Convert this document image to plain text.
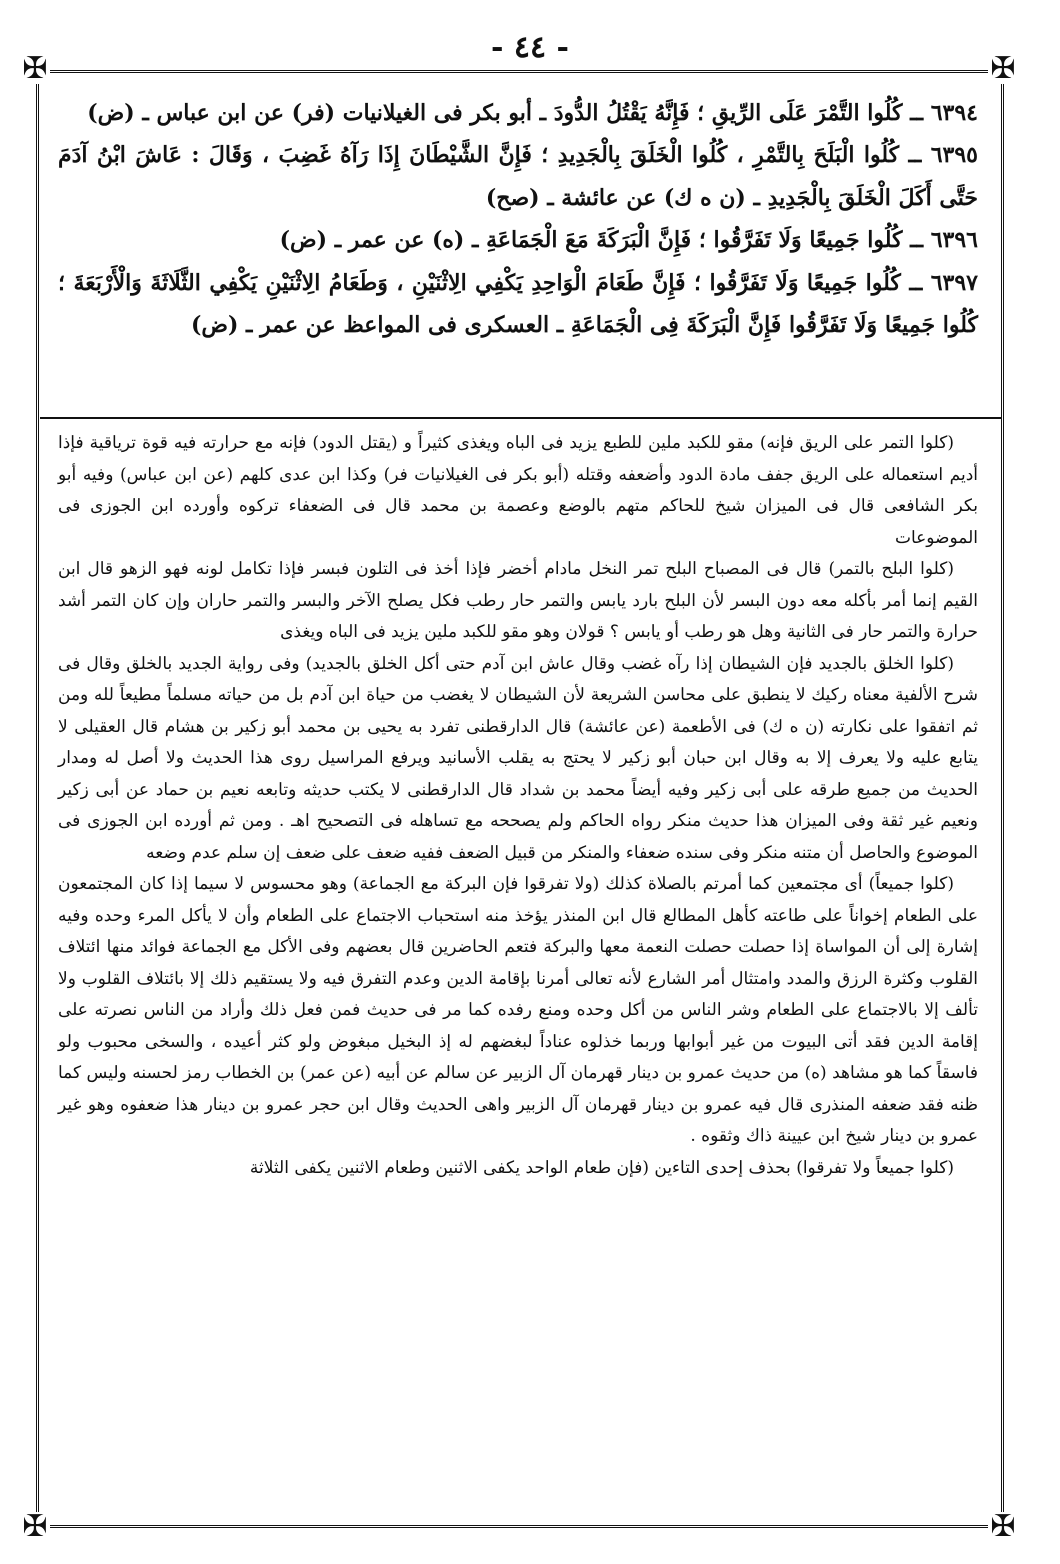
- ٤٤ -
✠	✠
✠	✠

٦٣٩٤ ــ كُلُوا التَّمْرَ عَلَى الرِّيقِ ؛ فَإِنَّهُ يَقْتُلُ الدُّودَ ـ أبو بكر فى الغيلانيات (فر) عن ابن عباس ـ (ض)

٦٣٩٥ ــ كُلُوا الْبَلَحَ بِالتَّمْرِ ، كُلُوا الْخَلَقَ بِالْجَدِيدِ ؛ فَإِنَّ الشَّيْطَانَ إِذَا رَآهُ غَضِبَ ، وَقَالَ : عَاشَ ابْنُ آدَمَ حَتَّى أَكَلَ الْخَلَقَ بِالْجَدِيدِ ـ (ن ه ك) عن عائشة ـ (صح)

٦٣٩٦ ــ كُلُوا جَمِيعًا وَلَا تَفَرَّقُوا ؛ فَإِنَّ الْبَرَكَةَ مَعَ الْجَمَاعَةِ ـ (ه) عن عمر ـ (ض)

٦٣٩٧ ــ كُلُوا جَمِيعًا وَلَا تَفَرَّقُوا ؛ فَإِنَّ طَعَامَ الْوَاحِدِ يَكْفِي الِاثْنَيْنِ ، وَطَعَامُ الِاثْنَيْنِ يَكْفِي الثَّلَاثَةَ وَالْأَرْبَعَةَ ؛ كُلُوا جَمِيعًا وَلَا تَفَرَّقُوا فَإِنَّ الْبَرَكَةَ فِى الْجَمَاعَةِ ـ العسكرى فى المواعظ عن عمر ـ (ض)

(كلوا التمر على الريق فإنه) مقو للكبد ملين للطبع يزيد فى الباه ويغذى كثيراً و (يقتل الدود) فإنه مع حرارته فيه قوة ترياقية فإذا أديم استعماله على الريق جفف مادة الدود وأضعفه وقتله (أبو بكر فى الغيلانيات فر) وكذا ابن عدى كلهم (عن ابن عباس) وفيه أبو بكر الشافعى قال فى الميزان شيخ للحاكم متهم بالوضع وعصمة بن محمد قال فى الضعفاء تركوه وأورده ابن الجوزى فى الموضوعات

(كلوا البلح بالتمر) قال فى المصباح البلح تمر النخل مادام أخضر فإذا أخذ فى التلون فبسر فإذا تكامل لونه فهو الزهو قال ابن القيم إنما أمر بأكله معه دون البسر لأن البلح بارد يابس والتمر حار رطب فكل يصلح الآخر والبسر والتمر حاران وإن كان التمر أشد حرارة والتمر حار فى الثانية وهل هو رطب أو يابس ؟ قولان وهو مقو للكبد ملين يزيد فى الباه ويغذى

(كلوا الخلق بالجديد فإن الشيطان إذا رآه غضب وقال عاش ابن آدم حتى أكل الخلق بالجديد) وفى رواية الجديد بالخلق وقال فى شرح الألفية معناه ركيك لا ينطبق على محاسن الشريعة لأن الشيطان لا يغضب من حياة ابن آدم بل من حياته مسلماً مطيعاً لله ومن ثم اتفقوا على نكارته (ن ه ك) فى الأطعمة (عن عائشة) قال الدارقطنى تفرد به يحيى بن محمد أبو زكير بن هشام قال العقيلى لا يتابع عليه ولا يعرف إلا به وقال ابن حبان أبو زكير لا يحتج به يقلب الأسانيد ويرفع المراسيل روى هذا الحديث ولا أصل له ومدار الحديث من جميع طرقه على أبى زكير وفيه أيضاً محمد بن شداد قال الدارقطنى لا يكتب حديثه وتابعه نعيم بن حماد عن أبى زكير ونعيم غير ثقة وفى الميزان هذا حديث منكر رواه الحاكم ولم يصححه مع تساهله فى التصحيح اهـ . ومن ثم أورده ابن الجوزى فى الموضوع والحاصل أن متنه منكر وفى سنده ضعفاء والمنكر من قبيل الضعف ففيه ضعف على ضعف إن سلم عدم وضعه

(كلوا جميعاً) أى مجتمعين كما أمرتم بالصلاة كذلك (ولا تفرقوا فإن البركة مع الجماعة) وهو محسوس لا سيما إذا كان المجتمعون على الطعام إخواناً على طاعته كأهل المطالع قال ابن المنذر يؤخذ منه استحباب الاجتماع على الطعام وأن لا يأكل المرء وحده وفيه إشارة إلى أن المواساة إذا حصلت حصلت النعمة معها والبركة فتعم الحاضرين قال بعضهم وفى الأكل مع الجماعة فوائد منها ائتلاف القلوب وكثرة الرزق والمدد وامتثال أمر الشارع لأنه تعالى أمرنا بإقامة الدين وعدم التفرق فيه ولا يستقيم ذلك إلا بائتلاف القلوب ولا تألف إلا بالاجتماع على الطعام وشر الناس من أكل وحده ومنع رفده كما مر فى حديث فمن فعل ذلك وأراد من الناس نصرته على إقامة الدين فقد أتى البيوت من غير أبوابها وربما خذلوه عناداً لبغضهم له إذ البخيل مبغوض ولو كثر أعيده ، والسخى محبوب ولو فاسقاً كما هو مشاهد (ه) من حديث عمرو بن دينار قهرمان آل الزبير عن سالم عن أبيه (عن عمر) بن الخطاب رمز لحسنه وليس كما ظنه فقد ضعفه المنذرى قال فيه عمرو بن دينار قهرمان آل الزبير واهى الحديث وقال ابن حجر عمرو بن دينار هذا ضعفوه وهو غير عمرو بن دينار شيخ ابن عيينة ذاك وثقوه .

(كلوا جميعاً ولا تفرقوا) بحذف إحدى التاءين (فإن طعام الواحد يكفى الاثنين وطعام الاثنين يكفى الثلاثة
